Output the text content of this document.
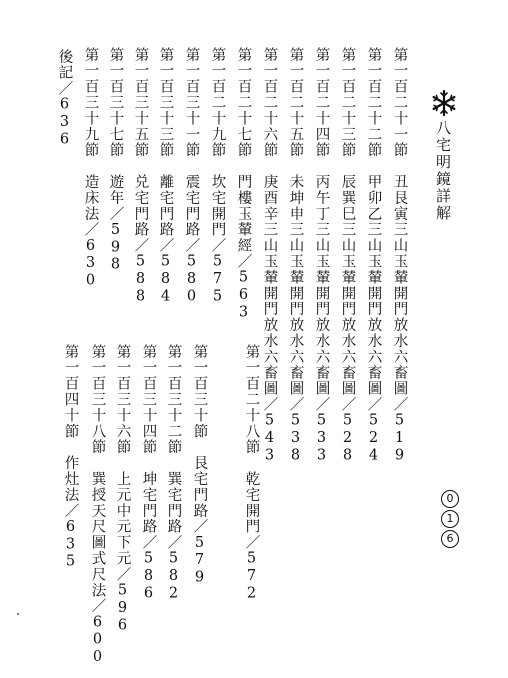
八宅明鏡詳解
0
1
6
第一百二十一節　丑艮寅三山玉輦開門放水六畜圖／519
第一百二十二節　甲卯乙三山玉輦開門放水六畜圖／524
第一百二十三節　辰巽巳三山玉輦開門放水六畜圖／528
第一百二十四節　丙午丁三山玉輦開門放水六畜圖／533
第一百二十五節　未坤申三山玉輦開門放水六畜圖／538
第一百二十六節　庚酉辛三山玉輦開門放水六畜圖／543
第一百二十七節　門樓玉輦經／563
第一百二十九節　坎宅開門／575
第一百三十一節　震宅門路／580
第一百三十三節　離宅門路／584
第一百三十五節　兑宅門路／588
第一百三十七節　遊年／598
第一百三十九節　造床法／630
後記／636
第一百二十八節　乾宅開門／572
第一百三十節　艮宅門路／579
第一百三十二節　巽宅門路／582
第一百三十四節　坤宅門路／586
第一百三十六節　上元中元下元／596
第一百三十八節　巽授天尺圖式尺法／600
第一百四十節　作灶法／635
